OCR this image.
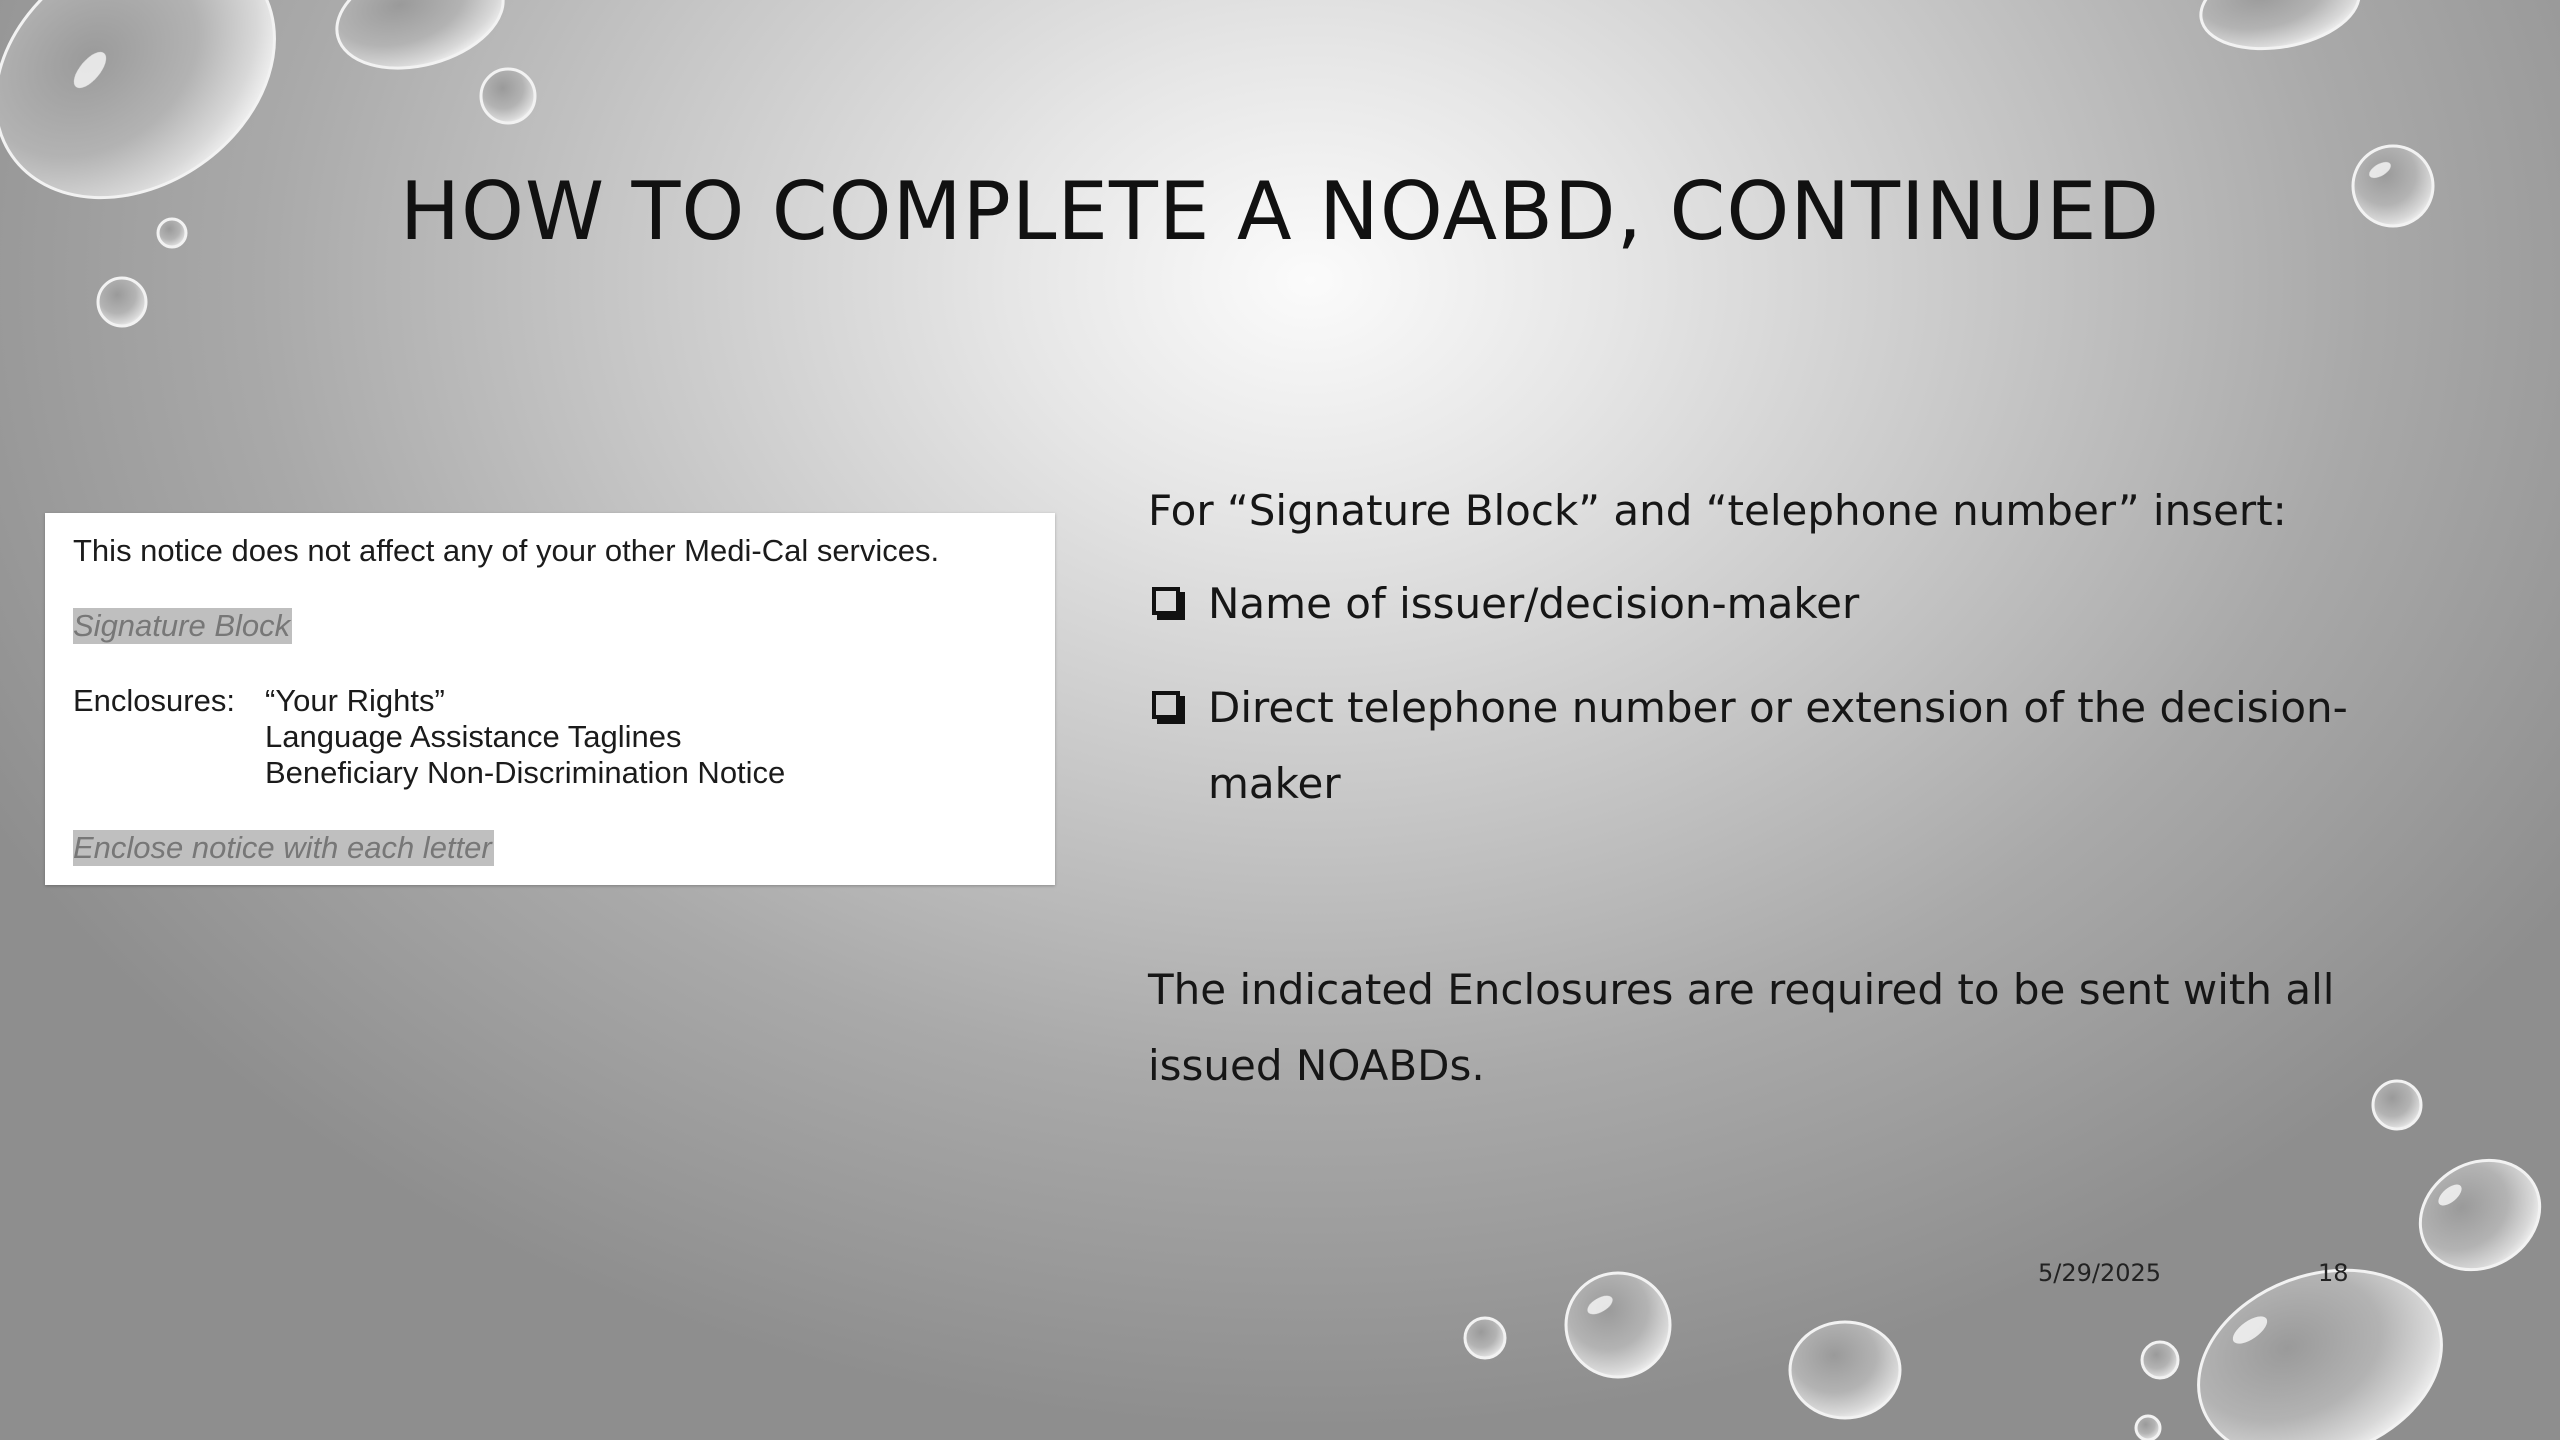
HOW TO COMPLETE A NOABD, CONTINUED
This notice does not affect any of your other Medi-Cal services.
Signature Block
Enclosures: “Your Rights”
Language Assistance Taglines
Beneficiary Non-Discrimination Notice
Enclose notice with each letter

For “Signature Block” and “telephone number” insert:

Name of issuer/decision-maker
Direct telephone number or extension of the decision-maker

The indicated Enclosures are required to be sent with all issued NOABDs.

5/29/2025	18
